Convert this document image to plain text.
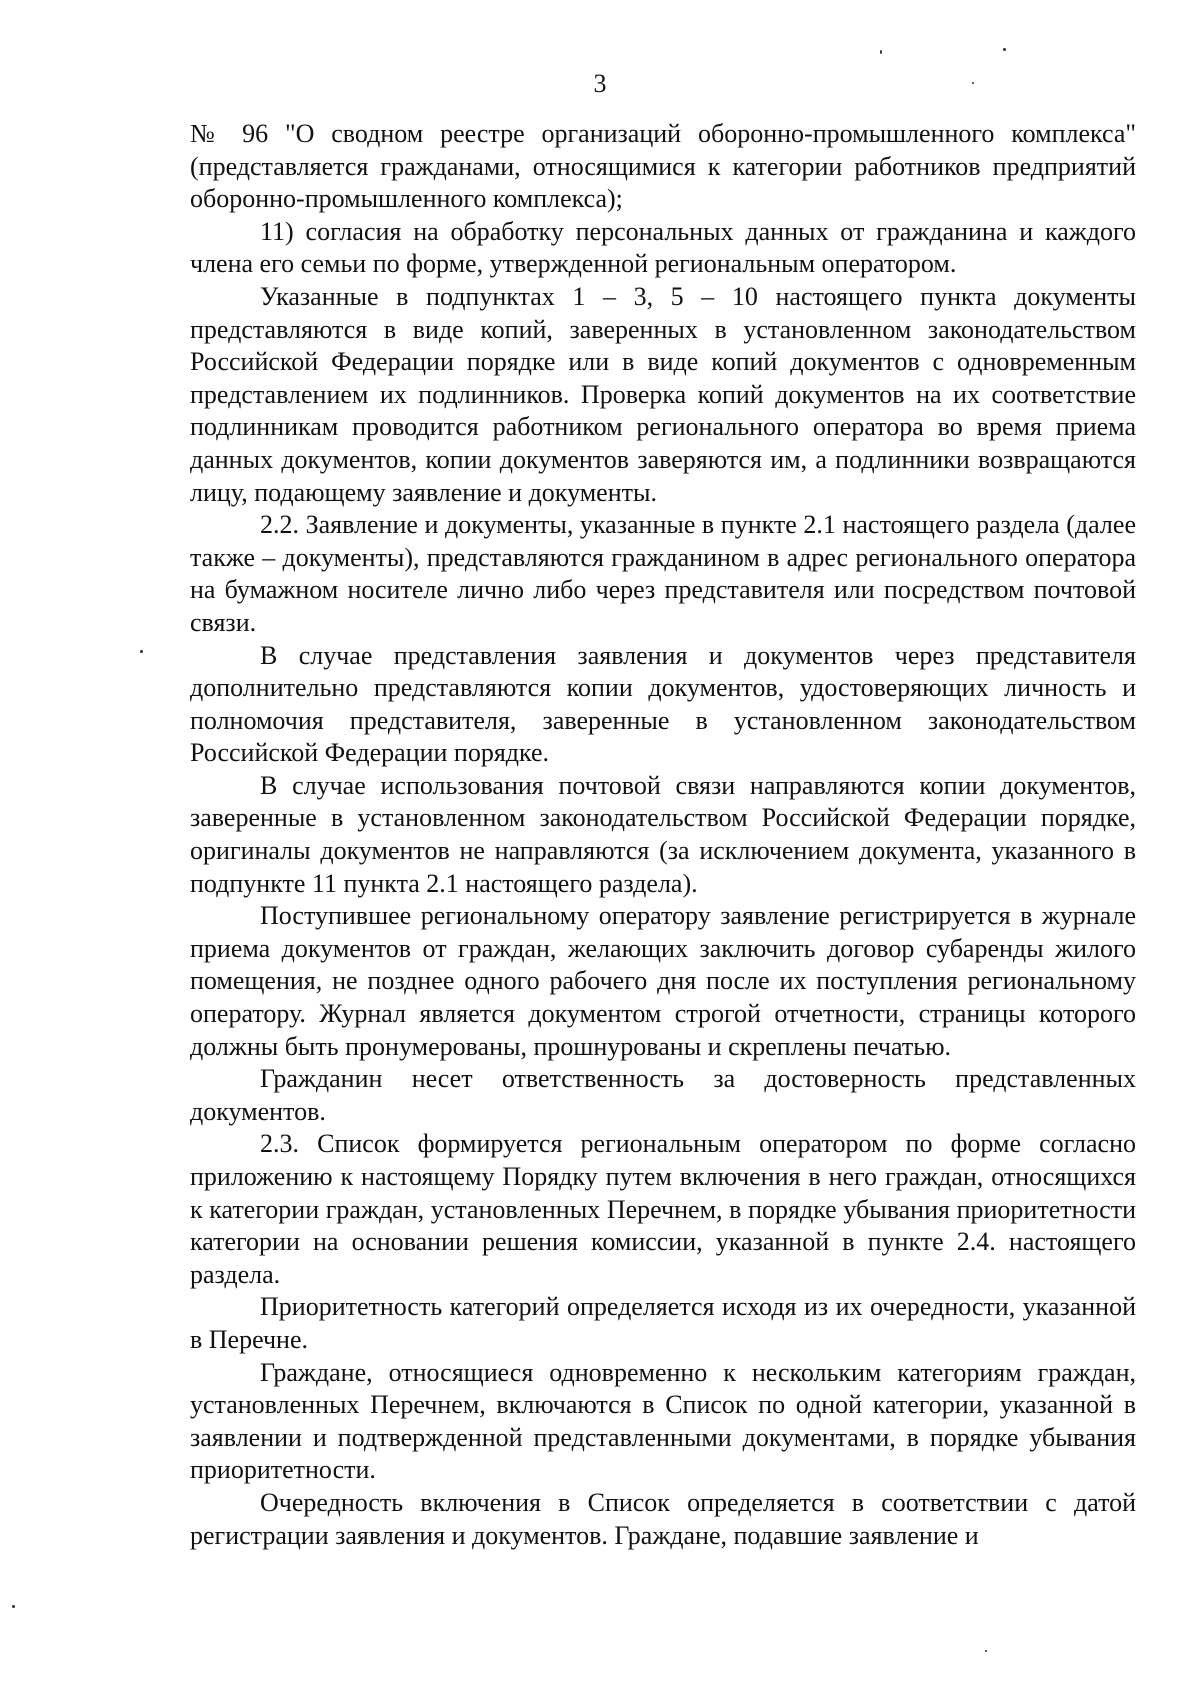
3

№ 96 "О сводном реестре организаций оборонно-промышленного комплекса" (представляется гражданами, относящимися к категории работников предприятий оборонно-промышленного комплекса);

11) согласия на обработку персональных данных от гражданина и каждого члена его семьи по форме, утвержденной региональным оператором.

Указанные в подпунктах 1 – 3, 5 – 10 настоящего пункта документы представляются в виде копий, заверенных в установленном законодательством Российской Федерации порядке или в виде копий документов с одновременным представлением их подлинников. Проверка копий документов на их соответствие подлинникам проводится работником регионального оператора во время приема данных документов, копии документов заверяются им, а подлинники возвращаются лицу, подающему заявление и документы.

2.2. Заявление и документы, указанные в пункте 2.1 настоящего раздела (далее также – документы), представляются гражданином в адрес регионального оператора на бумажном носителе лично либо через представителя или посредством почтовой связи.

В случае представления заявления и документов через представителя дополнительно представляются копии документов, удостоверяющих личность и полномочия представителя, заверенные в установленном законодательством Российской Федерации порядке.

В случае использования почтовой связи направляются копии документов, заверенные в установленном законодательством Российской Федерации порядке, оригиналы документов не направляются (за исключением документа, указанного в подпункте 11 пункта 2.1 настоящего раздела).

Поступившее региональному оператору заявление регистрируется в журнале приема документов от граждан, желающих заключить договор субаренды жилого помещения, не позднее одного рабочего дня после их поступления региональному оператору. Журнал является документом строгой отчетности, страницы которого должны быть пронумерованы, прошнурованы и скреплены печатью.

Гражданин несет ответственность за достоверность представленных документов.

2.3. Список формируется региональным оператором по форме согласно приложению к настоящему Порядку путем включения в него граждан, относящихся к категории граждан, установленных Перечнем, в порядке убывания приоритетности категории на основании решения комиссии, указанной в пункте 2.4. настоящего раздела.

Приоритетность категорий определяется исходя из их очередности, указанной в Перечне.

Граждане, относящиеся одновременно к нескольким категориям граждан, установленных Перечнем, включаются в Список по одной категории, указанной в заявлении и подтвержденной представленными документами, в порядке убывания приоритетности.

Очередность включения в Список определяется в соответствии с датой регистрации заявления и документов. Граждане, подавшие заявление и
